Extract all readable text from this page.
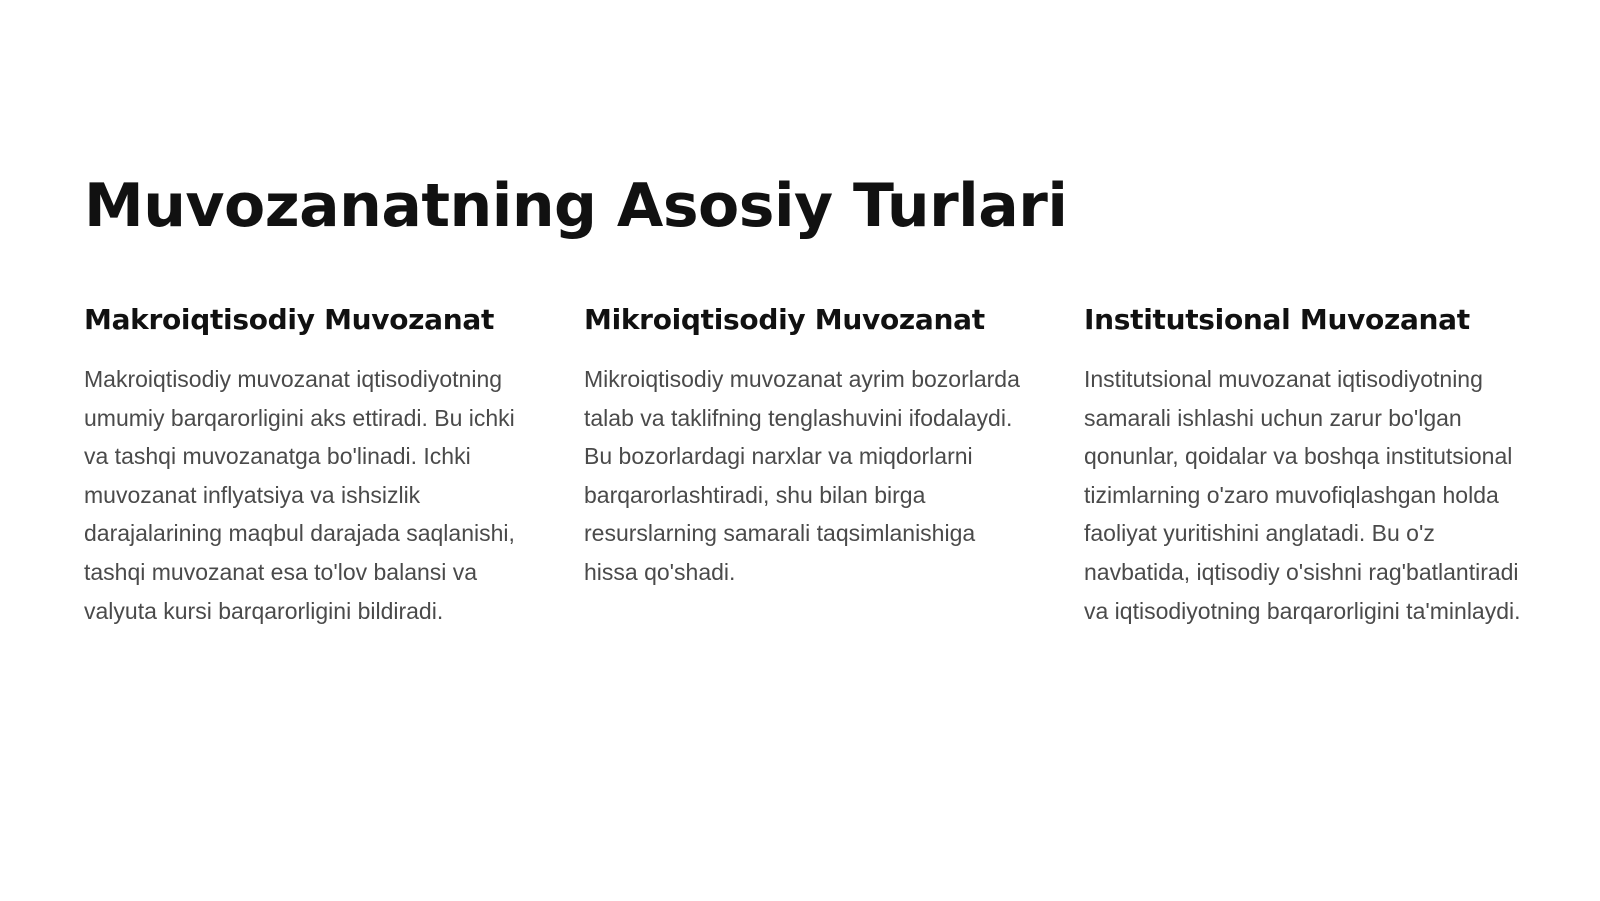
Muvozanatning Asosiy Turlari
Makroiqtisodiy Muvozanat

Makroiqtisodiy muvozanat iqtisodiyotning umumiy barqarorligini aks ettiradi. Bu ichki va tashqi muvozanatga bo'linadi. Ichki muvozanat inflyatsiya va ishsizlik darajalarining maqbul darajada saqlanishi, tashqi muvozanat esa to'lov balansi va valyuta kursi barqarorligini bildiradi.

Mikroiqtisodiy Muvozanat

Mikroiqtisodiy muvozanat ayrim bozorlarda talab va taklifning tenglashuvini ifodalaydi. Bu bozorlardagi narxlar va miqdorlarni barqarorlashtiradi, shu bilan birga resurslarning samarali taqsimlanishiga hissa qo'shadi.

Institutsional Muvozanat

Institutsional muvozanat iqtisodiyotning samarali ishlashi uchun zarur bo'lgan qonunlar, qoidalar va boshqa institutsional tizimlarning o'zaro muvofiqlashgan holda faoliyat yuritishini anglatadi. Bu o'z navbatida, iqtisodiy o'sishni rag'batlantiradi va iqtisodiyotning barqarorligini ta'minlaydi.
